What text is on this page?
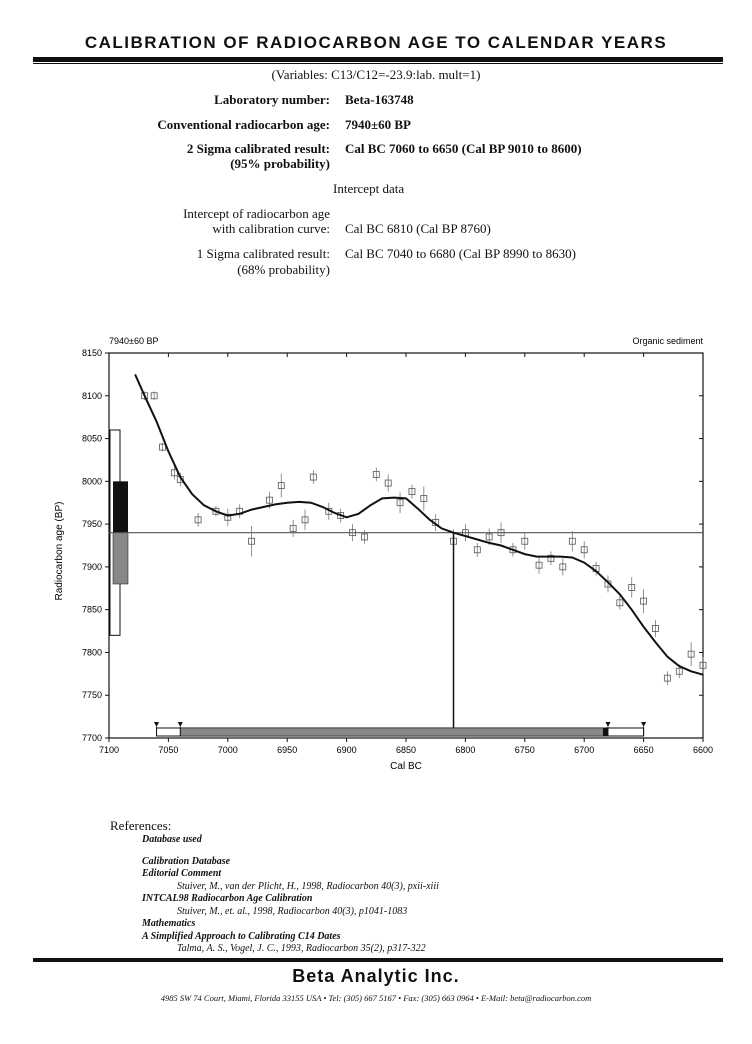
CALIBRATION OF RADIOCARBON AGE TO CALENDAR YEARS
(Variables: C13/C12=-23.9:lab. mult=1)
Laboratory number: Beta-163748
Conventional radiocarbon age: 7940±60 BP
2 Sigma calibrated result:
(95% probability)
Cal BC 7060 to 6650 (Cal BP 9010 to 8600)
Intercept data
Intercept of radiocarbon age
with calibration curve: Cal BC 6810 (Cal BP 8760)
1 Sigma calibrated result:
(68% probability)
Cal BC 7040 to 6680 (Cal BP 8990 to 8630)
7100	7050	7000	6950	6900	6850	6800	6750	6700	6650	6600
7700
7750
7800
7850
7900
7950
8000
8050
8100
8150
7940±60 BP	Organic sediment
Cal BC
Radiocarbon age (BP)
References:
Database used
Calibration Database
Editorial Comment
Stuiver, M., van der Plicht, H., 1998, Radiocarbon 40(3), pxii-xiii
INTCAL98 Radiocarbon Age Calibration
Stuiver, M., et. al., 1998, Radiocarbon 40(3), p1041-1083
Mathematics
A Simplified Approach to Calibrating C14 Dates
Talma, A. S., Vogel, J. C., 1993, Radiocarbon 35(2), p317-322
Beta Analytic Inc.
4985 SW 74 Court, Miami, Florida 33155 USA • Tel: (305) 667 5167 • Fax: (305) 663 0964 • E-Mail: beta@radiocarbon.com
